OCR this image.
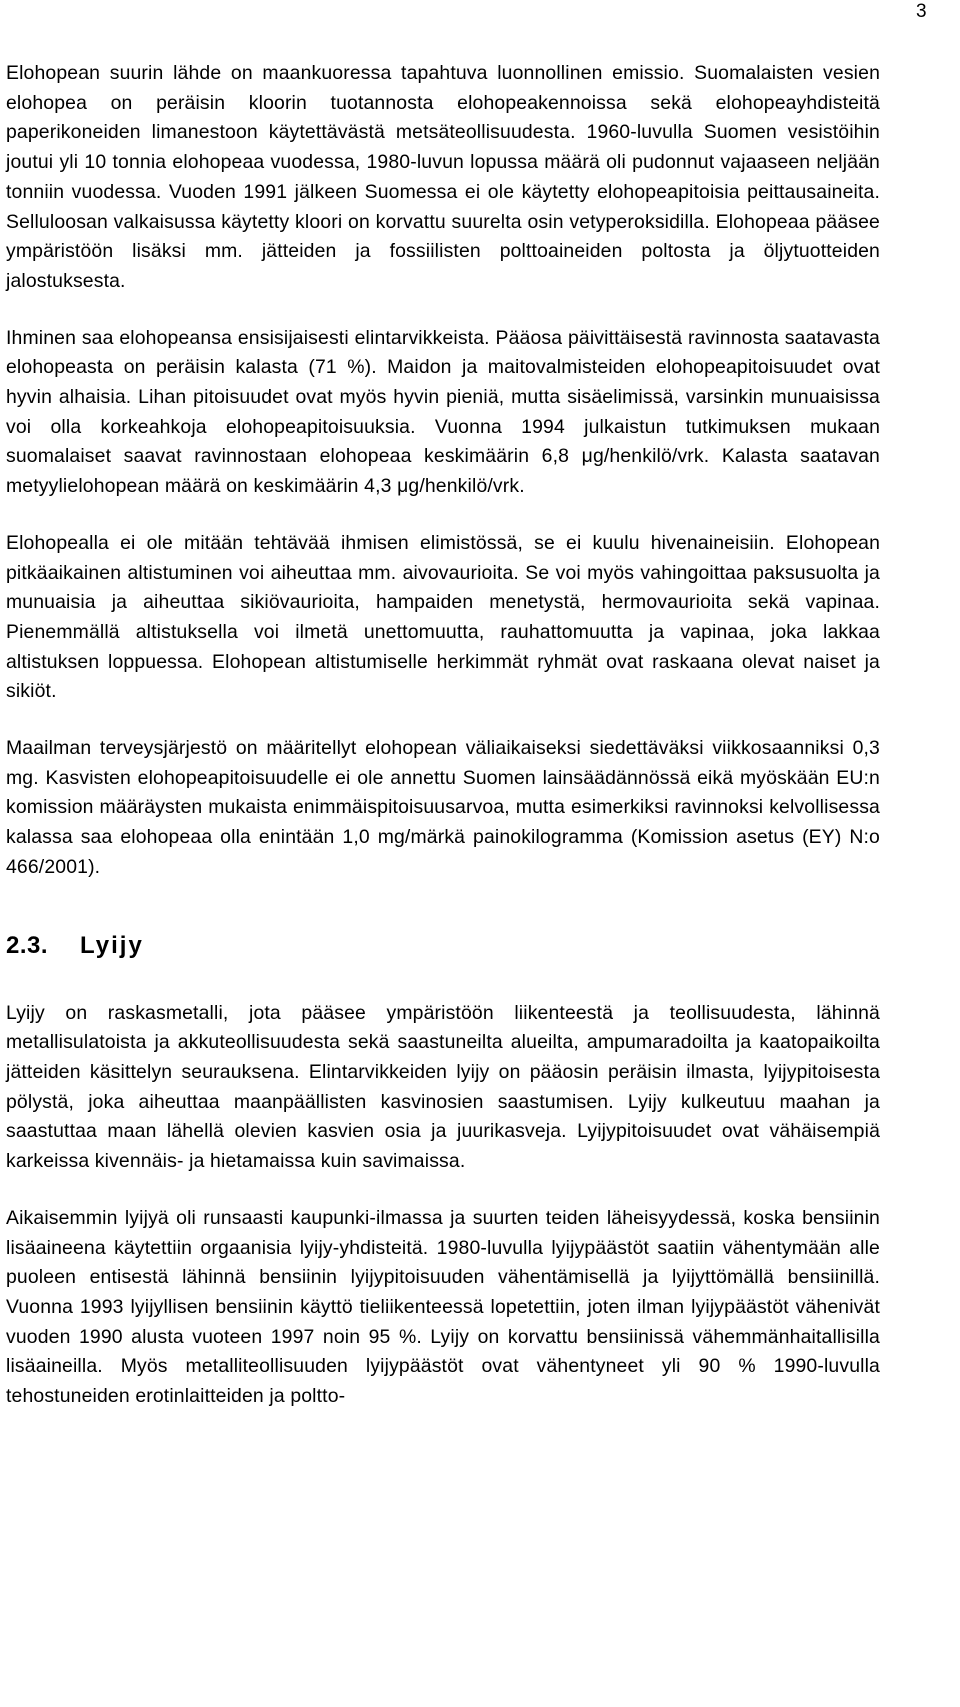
3

Elohopean suurin lähde on maankuoressa tapahtuva luonnollinen emissio. Suomalaisten vesien elohopea on peräisin kloorin tuotannosta elohopeakennoissa sekä elohopeayhdisteitä paperikoneiden limanestoon käytettävästä metsäteollisuudesta. 1960-luvulla Suomen vesistöihin joutui yli 10 tonnia elohopeaa vuodessa, 1980-luvun lopussa määrä oli pudonnut vajaaseen neljään tonniin vuodessa. Vuoden 1991 jälkeen Suomessa ei ole käytetty elohopeapitoisia peittausaineita. Selluloosan valkaisussa käytetty kloori on korvattu suurelta osin vetyperoksidilla. Elohopeaa pääsee ympäristöön lisäksi mm. jätteiden ja fossiilisten polttoaineiden poltosta ja öljytuotteiden jalostuksesta.

Ihminen saa elohopeansa ensisijaisesti elintarvikkeista. Pääosa päivittäisestä ravinnosta saatavasta elohopeasta on peräisin kalasta (71 %). Maidon ja maitovalmisteiden elohopeapitoisuudet ovat hyvin alhaisia. Lihan pitoisuudet ovat myös hyvin pieniä, mutta sisäelimissä, varsinkin munuaisissa voi olla korkeahkoja elohopeapitoisuuksia. Vuonna 1994 julkaistun tutkimuksen mukaan suomalaiset saavat ravinnostaan elohopeaa keskimäärin 6,8 μg/henkilö/vrk. Kalasta saatavan metyylielohopean määrä on keskimäärin 4,3 μg/henkilö/vrk.

Elohopealla ei ole mitään tehtävää ihmisen elimistössä, se ei kuulu hivenaineisiin. Elohopean pitkäaikainen altistuminen voi aiheuttaa mm. aivovaurioita. Se voi myös vahingoittaa paksusuolta ja munuaisia ja aiheuttaa sikiövaurioita, hampaiden menetystä, hermovaurioita sekä vapinaa. Pienemmällä altistuksella voi ilmetä unettomuutta, rauhattomuutta ja vapinaa, joka lakkaa altistuksen loppuessa. Elohopean altistumiselle herkimmät ryhmät ovat raskaana olevat naiset ja sikiöt.

Maailman terveysjärjestö on määritellyt elohopean väliaikaiseksi siedettäväksi viikkosaanniksi 0,3 mg. Kasvisten elohopeapitoisuudelle ei ole annettu Suomen lainsäädännössä eikä myöskään EU:n komission määräysten mukaista enimmäispitoisuusarvoa, mutta esimerkiksi ravinnoksi kelvollisessa kalassa saa elohopeaa olla enintään 1,0 mg/märkä painokilogramma (Komission asetus (EY) N:o 466/2001).

2.3. Lyijy

Lyijy on raskasmetalli, jota pääsee ympäristöön liikenteestä ja teollisuudesta, lähinnä metallisulatoista ja akkuteollisuudesta sekä saastuneilta alueilta, ampumaradoilta ja kaatopaikoilta jätteiden käsittelyn seurauksena. Elintarvikkeiden lyijy on pääosin peräisin ilmasta, lyijypitoisesta pölystä, joka aiheuttaa maanpäällisten kasvinosien saastumisen. Lyijy kulkeutuu maahan ja saastuttaa maan lähellä olevien kasvien osia ja juurikasveja. Lyijypitoisuudet ovat vähäisempiä karkeissa kivennäis- ja hietamaissa kuin savimaissa.

Aikaisemmin lyijyä oli runsaasti kaupunki-ilmassa ja suurten teiden läheisyydessä, koska bensiinin lisäaineena käytettiin orgaanisia lyijy-yhdisteitä. 1980-luvulla lyijypäästöt saatiin vähentymään alle puoleen entisestä lähinnä bensiinin lyijypitoisuuden vähentämisellä ja lyijyttömällä bensiinillä. Vuonna 1993 lyijyllisen bensiinin käyttö tieliikenteessä lopetettiin, joten ilman lyijypäästöt vähenivät vuoden 1990 alusta vuoteen 1997 noin 95 %. Lyijy on korvattu bensiinissä vähemmänhaitallisilla lisäaineilla. Myös metalliteollisuuden lyijypäästöt ovat vähentyneet yli 90 % 1990-luvulla tehostuneiden erotinlaitteiden ja poltto-
